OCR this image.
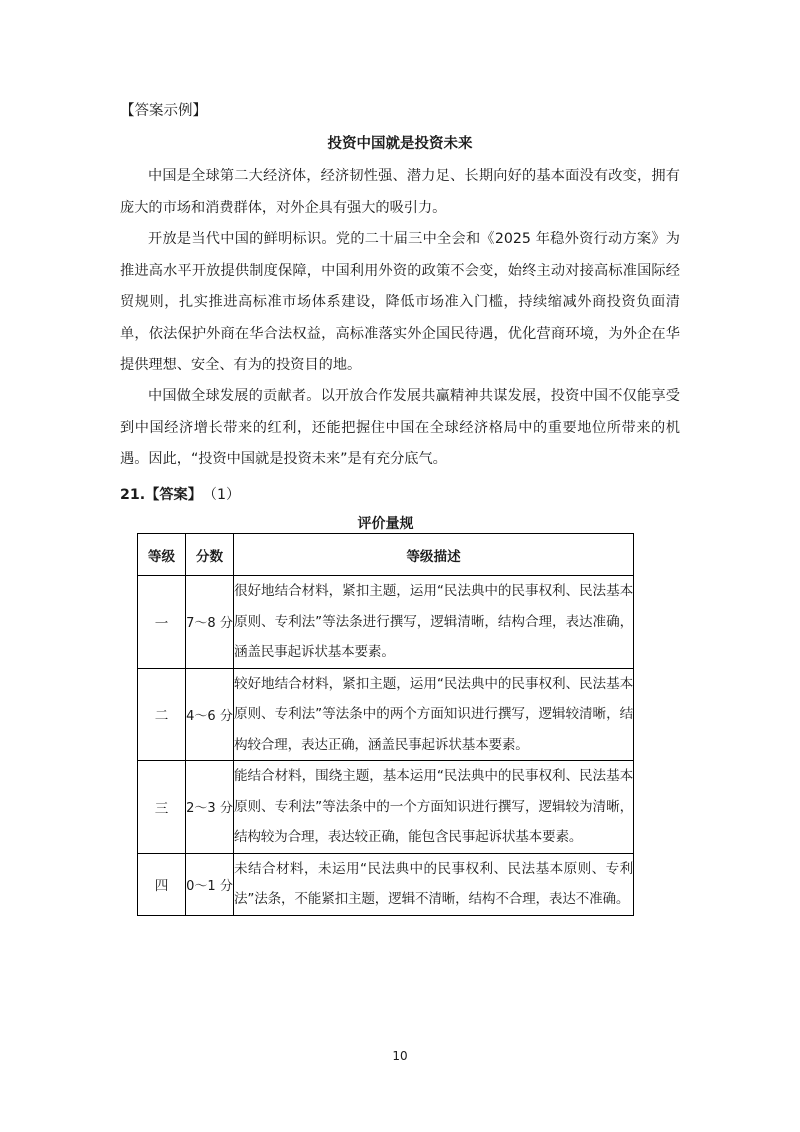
【答案示例】
投资中国就是投资未来

中国是全球第二大经济体，经济韧性强、潜力足、长期向好的基本面没有改变，拥有庞大的市场和消费群体，对外企具有强大的吸引力。

开放是当代中国的鲜明标识。党的二十届三中全会和《2025 年稳外资行动方案》为推进高水平开放提供制度保障，中国利用外资的政策不会变，始终主动对接高标准国际经贸规则，扎实推进高标准市场体系建设，降低市场准入门槛，持续缩减外商投资负面清单，依法保护外商在华合法权益，高标准落实外企国民待遇，优化营商环境，为外企在华提供理想、安全、有为的投资目的地。

中国做全球发展的贡献者。以开放合作发展共赢精神共谋发展，投资中国不仅能享受到中国经济增长带来的红利，还能把握住中国在全球经济格局中的重要地位所带来的机遇。因此，“投资中国就是投资未来”是有充分底气。

21.【答案】 （1）
评价量规
等级	分数	等级描述
一	7～8 分	很好地结合材料，紧扣主题，运用“民法典中的民事权利、民法基本原则、专利法”等法条进行撰写，逻辑清晰，结构合理，表达准确，涵盖民事起诉状基本要素。
二	4～6 分	较好地结合材料，紧扣主题，运用“民法典中的民事权利、民法基本原则、专利法”等法条中的两个方面知识进行撰写，逻辑较清晰，结构较合理，表达正确，涵盖民事起诉状基本要素。
三	2～3 分	能结合材料，围绕主题，基本运用“民法典中的民事权利、民法基本原则、专利法”等法条中的一个方面知识进行撰写，逻辑较为清晰，结构较为合理，表达较正确，能包含民事起诉状基本要素。
四	0～1 分	未结合材料，未运用“民法典中的民事权利、民法基本原则、专利法”法条，不能紧扣主题，逻辑不清晰，结构不合理，表达不准确。
10
